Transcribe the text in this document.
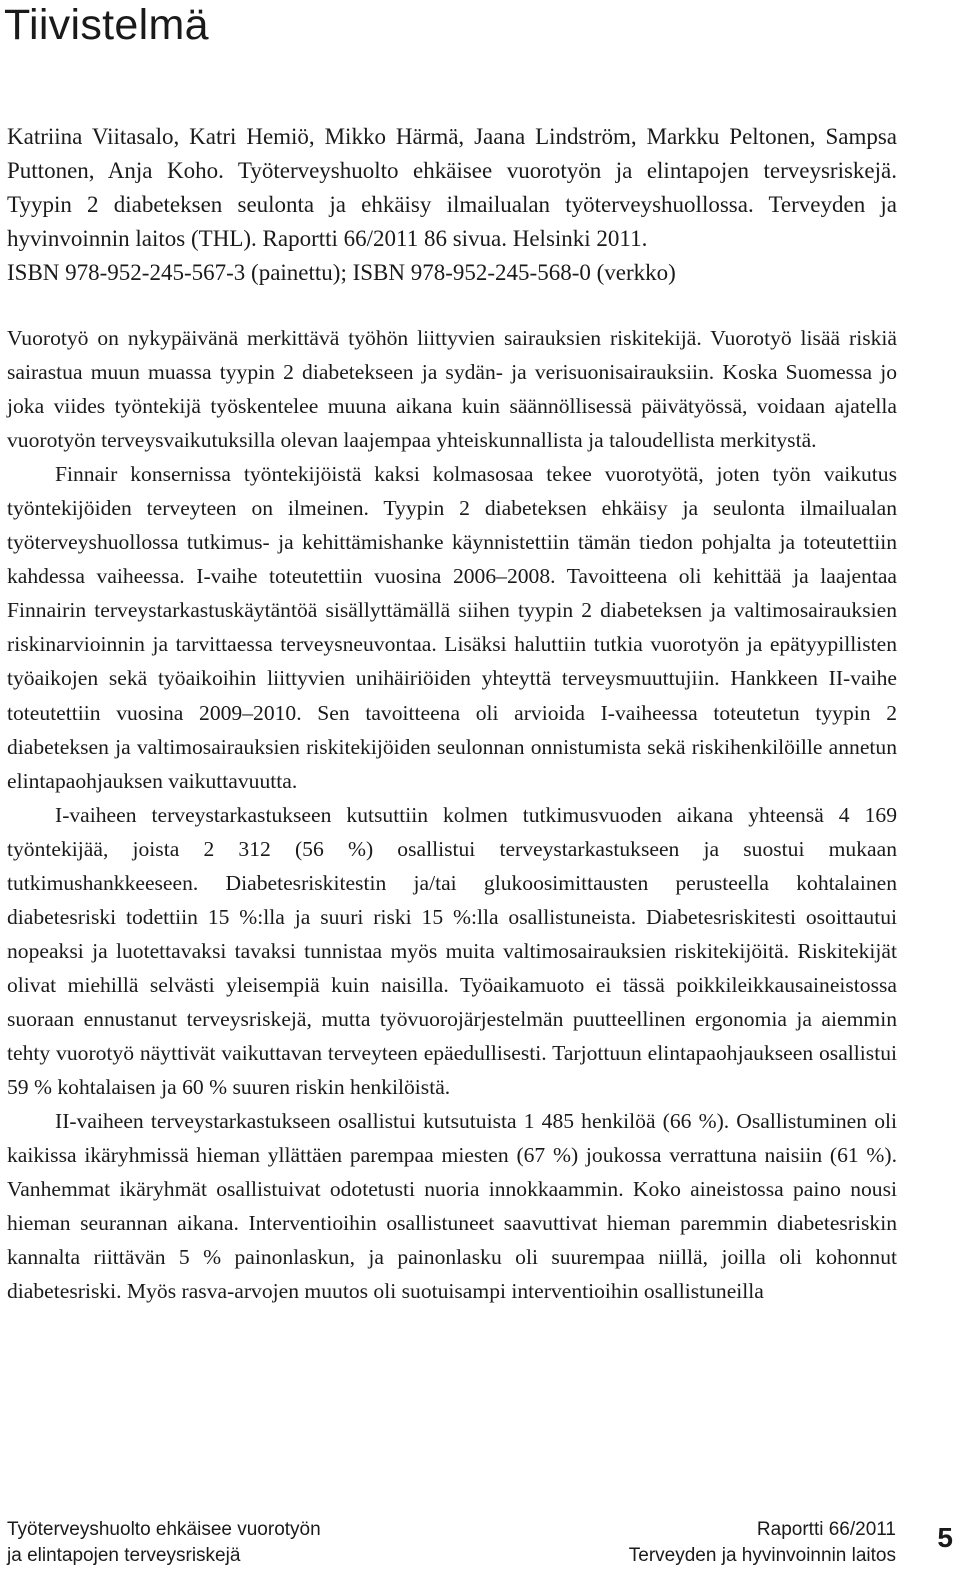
Tiivistelmä

Katriina Viitasalo, Katri Hemiö, Mikko Härmä, Jaana Lindström, Markku Peltonen, Sampsa Puttonen, Anja Koho. Työterveyshuolto ehkäisee vuorotyön ja elintapojen terveysriskejä. Tyypin 2 diabeteksen seulonta ja ehkäisy ilmailualan työterveyshuollossa. Terveyden ja hyvinvoinnin laitos (THL). Raportti 66/2011 86 sivua. Helsinki 2011.
ISBN 978-952-245-567-3 (painettu); ISBN 978-952-245-568-0 (verkko)

Vuorotyö on nykypäivänä merkittävä työhön liittyvien sairauksien riskitekijä. Vuorotyö lisää riskiä sairastua muun muassa tyypin 2 diabetekseen ja sydän- ja verisuonisairauksiin. Koska Suomessa jo joka viides työntekijä työskentelee muuna aikana kuin säännöllisessä päivätyössä, voidaan ajatella vuorotyön terveysvaikutuksilla olevan laajempaa yhteiskunnallista ja taloudellista merkitystä.

Finnair konsernissa työntekijöistä kaksi kolmasosaa tekee vuorotyötä, joten työn vaikutus työntekijöiden terveyteen on ilmeinen. Tyypin 2 diabeteksen ehkäisy ja seulonta ilmailualan työterveyshuollossa tutkimus- ja kehittämishanke käynnistettiin tämän tiedon pohjalta ja toteutettiin kahdessa vaiheessa. I-vaihe toteutettiin vuosina 2006–2008. Tavoitteena oli kehittää ja laajentaa Finnairin terveystarkastuskäytäntöä sisällyttämällä siihen tyypin 2 diabeteksen ja valtimosairauksien riskinarvioinnin ja tarvittaessa terveysneuvontaa. Lisäksi haluttiin tutkia vuorotyön ja epätyypillisten työaikojen sekä työaikoihin liittyvien unihäiriöiden yhteyttä terveysmuuttujiin. Hankkeen II-vaihe toteutettiin vuosina 2009–2010. Sen tavoitteena oli arvioida I-vaiheessa toteutetun tyypin 2 diabeteksen ja valtimosairauksien riskitekijöiden seulonnan onnistumista sekä riskihenkilöille annetun elintapaohjauksen vaikuttavuutta.

I-vaiheen terveystarkastukseen kutsuttiin kolmen tutkimusvuoden aikana yhteensä 4 169 työntekijää, joista 2 312 (56 %) osallistui terveystarkastukseen ja suostui mukaan tutkimushankkeeseen. Diabetesriskitestin ja/tai glukoosimittausten perusteella kohtalainen diabetesriski todettiin 15 %:lla ja suuri riski 15 %:lla osallistuneista. Diabetesriskitesti osoittautui nopeaksi ja luotettavaksi tavaksi tunnistaa myös muita valtimosairauksien riskitekijöitä. Riskitekijät olivat miehillä selvästi yleisempiä kuin naisilla. Työaikamuoto ei tässä poikkileikkausaineistossa suoraan ennustanut terveysriskejä, mutta työvuorojärjestelmän puutteellinen ergonomia ja aiemmin tehty vuorotyö näyttivät vaikuttavan terveyteen epäedullisesti. Tarjottuun elintapaohjaukseen osallistui 59 % kohtalaisen ja 60 % suuren riskin henkilöistä.

II-vaiheen terveystarkastukseen osallistui kutsutuista 1 485 henkilöä (66 %). Osallistuminen oli kaikissa ikäryhmissä hieman yllättäen parempaa miesten (67 %) joukossa verrattuna naisiin (61 %). Vanhemmat ikäryhmät osallistuivat odotetusti nuoria innokkaammin. Koko aineistossa paino nousi hieman seurannan aikana. Interventioihin osallistuneet saavuttivat hieman paremmin diabetesriskin kannalta riittävän 5 % painonlaskun, ja painonlasku oli suurempaa niillä, joilla oli kohonnut diabetesriski. Myös rasva-arvojen muutos oli suotuisampi interventioihin osallistuneilla

Työterveyshuolto ehkäisee vuorotyön
ja elintapojen terveysriskejä
Raportti 66/2011
Terveyden ja hyvinvoinnin laitos
5
